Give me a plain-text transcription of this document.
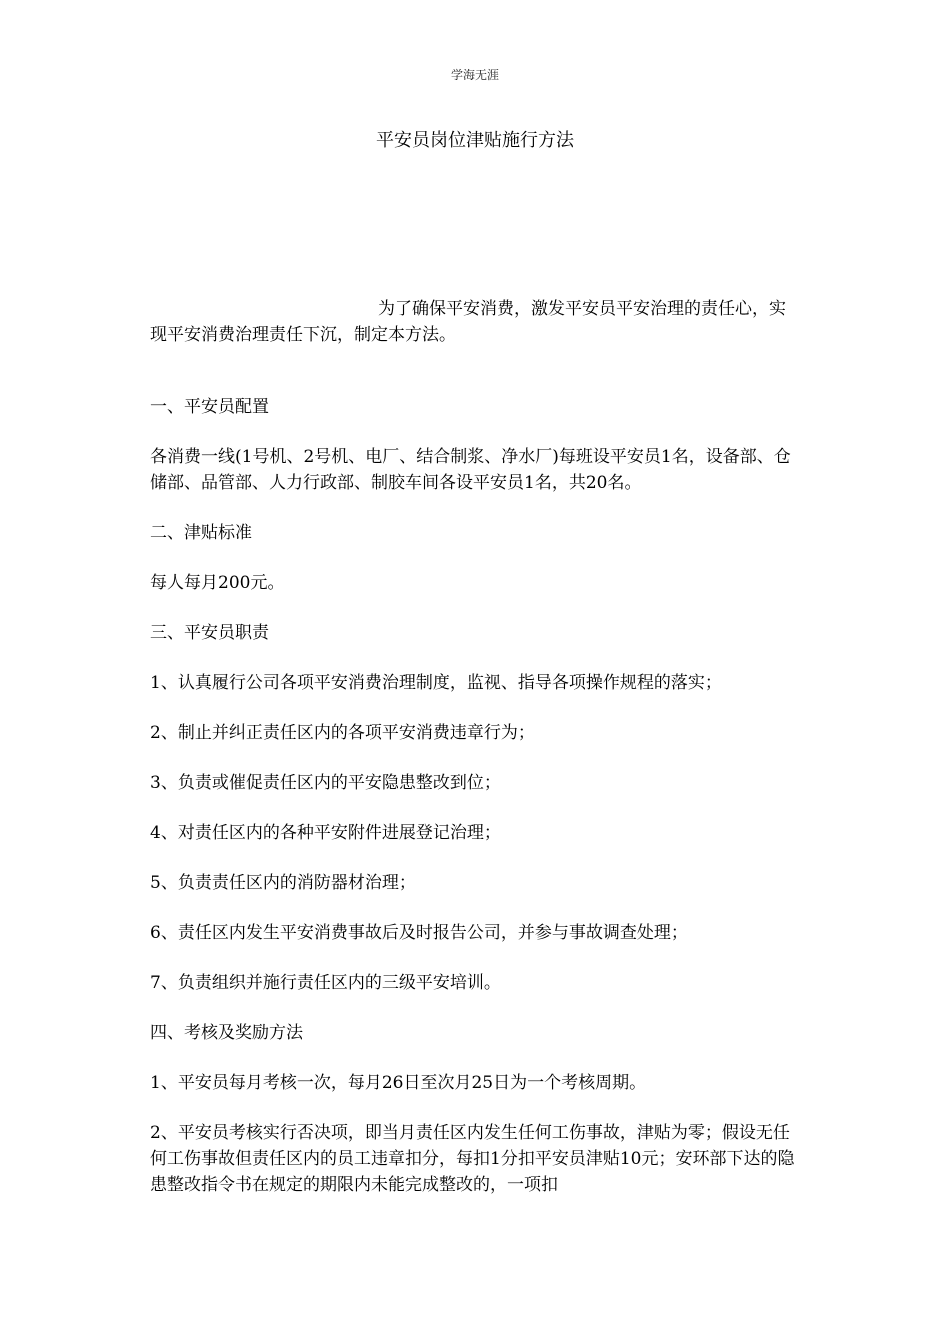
学海无涯
平安员岗位津贴施行方法

为了确保平安消费，激发平安员平安治理的责任心，实现平安消费治理责任下沉，制定本方法。

一、平安员配置

各消费一线(1号机、2号机、电厂、结合制浆、净水厂)每班设平安员1名，设备部、仓储部、品管部、人力行政部、制胶车间各设平安员1名，共20名。

二、津贴标准

每人每月200元。

三、平安员职责

1、认真履行公司各项平安消费治理制度，监视、指导各项操作规程的落实；

2、制止并纠正责任区内的各项平安消费违章行为；

3、负责或催促责任区内的平安隐患整改到位；

4、对责任区内的各种平安附件进展登记治理；

5、负责责任区内的消防器材治理；

6、责任区内发生平安消费事故后及时报告公司，并参与事故调查处理；

7、负责组织并施行责任区内的三级平安培训。

四、考核及奖励方法

1、平安员每月考核一次，每月26日至次月25日为一个考核周期。

2、平安员考核实行否决项，即当月责任区内发生任何工伤事故，津贴为零；假设无任何工伤事故但责任区内的员工违章扣分，每扣1分扣平安员津贴10元；安环部下达的隐患整改指令书在规定的期限内未能完成整改的，一项扣
